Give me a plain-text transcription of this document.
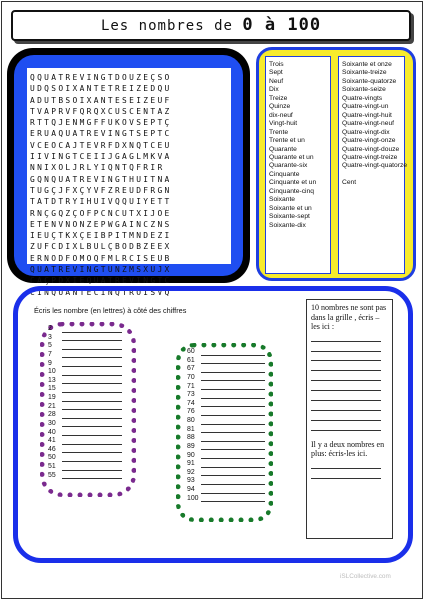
Les nombres de 0 à 100
QQUATREVINGTDOUZEÇSO
UDQSOIXANTETREIZEDQU
ADUTBSOIXANTESEIZEUF
TVAPRVFQRQXCUSCENTAZ
RTTQJENMGFFUKOVSEPTÇ
ERUAQUATREVINGTSEPTC
VCEOCAJTEVRFDXNQTCEU
IIVINGTCEIIJGAGLMKVA
NNIXOLJRLYIQNTQFRIR
GQNQUATREVINGTHUITNA
TUGÇJFXÇYVFZREUDFRGN
TATDTRYIHUIVQQUIYETT
RNÇGQZÇOFPCNCUTXIJOE
ETENVNONZEPWGAINCZNS
IEUÇTKXÇEIBPITMNDEZI
ZUFCDIXLBULÇBODBZEEX
ERNODFOMOQFMLRCISEUB
QUATREVINGTUNZMSXUJX
CAÇPDXIEQUATREVINGTC
CINQUANTECINQTROISVQ
Trois
Sept
Neuf
Dix
Treize
Quinze
dix-neuf
Vingt-huit
Trente
Trente et un
Quarante
Quarante et un
Quarante-six
Cinquante
Cinquante et un
Cinquante-cinq
Soixante
Soixante et un
Soixante-sept
Soixante-dix
Soixante et onze
Soixante-treize
Soixante-quatorze
Soixante-seize
Quatre-vingts
Quatre-vingt-un
Quatre-vingt-huit
Quatre-vingt-neuf
Quatre-vingt-dix
Quatre-vingt-onze
Quatre-vingt-douze
Quatre-vingt-treize
Quatre-vingt-quatorze
Cent
Écris les nombre (en lettres) à côté des chiffres
2
3
5
7
9
10
13
15
19
21
28
30
40
41
46
50
51
55
60
61
67
70
71
73
74
76
80
81
88
89
90
91
92
93
94
100
10 nombres ne sont pas dans la grille , écris –les ici :
Il y a deux nombres en plus: écris-les ici.
iSLCollective.com
